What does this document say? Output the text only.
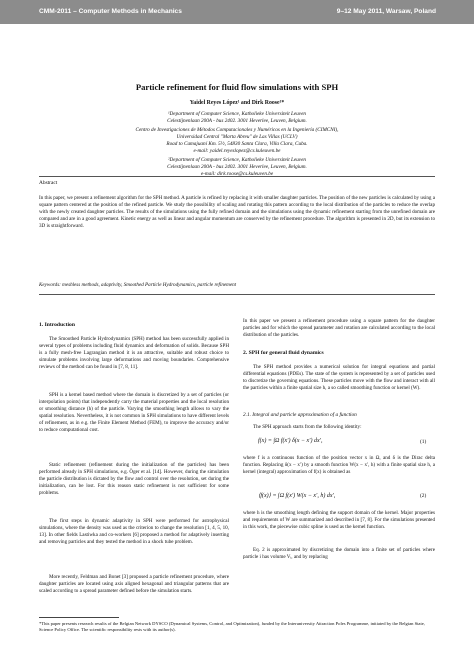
CMM-2011 – Computer Methods in Mechanics	9–12 May 2011, Warsaw, Poland
Particle refinement for fluid flow simulations with SPH
Yaidel Reyes López¹ and Dirk Roose¹*
¹Department of Computer Science, Katholieke Universiteit Leuven
Celestijnenlaan 200A - bus 2402. 3001 Heverlee, Leuven, Belgium.
Centro de Investigaciones de Métodos Computacionales y Numéricos en la Ingeniería (CIMCNI),
Universidad Central "Marta Abreu" de Las Villas (UCLV)
Road to Camajuaní Km. 5½, 54830 Santa Clara, Villa Clara, Cuba.
e-mail: yaidel.reyeslopez@cs.kuleuven.be
²Department of Computer Science, Katholieke Universiteit Leuven
Celestijnenlaan 200A - bus 2402. 3001 Heverlee, Leuven, Belgium.
e-mail: dirk.roose@cs.kuleuven.be
Abstract
In this paper, we present a refinement algorithm for the SPH method. A particle is refined by replacing it with smaller daughter particles. The position of the new particles is calculated by using a square pattern centered at the position of the refined particle. We study the possibility of scaling and rotating this pattern according to the local distribution of the particles to reduce the overlap with the newly created daughter particles. The results of the simulations using the fully refined domain and the simulations using the dynamic refinement starting from the unrefined domain are compared and are in a good agreement. Kinetic energy as well as linear and angular momentum are conserved by the refinement procedure. The algorithm is presented in 2D, but its extension to 3D is straightforward.
Keywords: meshless methods, adaptivity, Smoothed Particle Hydrodynamics, particle refinement
1. Introduction
The Smoothed Particle Hydrodynamics (SPH) method has been successfully applied in several types of problems including fluid dynamics and deformation of solids. Because SPH is a fully mesh-free Lagrangian method it is an attractive, suitable and robust choice to simulate problems involving large deformations and moving boundaries. Comprehensive reviews of the method can be found in [7, 8, 11].
SPH is a kernel based method where the domain is discretized by a set of particles (or interpolation points) that independently carry the material properties and the local resolution or smoothing distance (h) of the particle. Varying the smoothing length allows to vary the spatial resolution. Nevertheless, it is not common in SPH simulations to have different levels of refinement, as in e.g. the Finite Element Method (FEM), to improve the accuracy and/or to reduce computational cost.
Static refinement (refinement during the initialization of the particles) has been performed already in SPH simulations, e.g. Öger et al. [14]. However, during the simulation the particle distribution is dictated by the flow and control over the resolution, set during the initialization, can be lost. For this reason static refinement is not sufficient for some problems.
The first steps in dynamic adaptivity in SPH were performed for astrophysical simulations, where the density was used as the criterion to change the resolution [1, 4, 5, 10, 13]. In other fields Lastiwka and co-workers [6] proposed a method for adaptively inserting and removing particles and they tested the method in a shock tube problem.
More recently, Feldman and Bonet [3] proposed a particle refinement procedure, where daughter particles are located using axis aligned hexagonal and triangular patterns that are scaled according to a spread parameter defined before the simulation starts.
In this paper we present a refinement procedure using a square pattern for the daughter particles and for which the spread parameter and rotation are calculated according to the local distribution of the particles.
2. SPH for general fluid dynamics
The SPH method provides a numerical solution for integral equations and partial differential equations (PDEs). The state of the system is represented by a set of particles used to discretize the governing equations. These particles move with the flow and interact with all the particles within a finite spatial size h, a so called smoothing function or kernel (W).
2.1. Integral and particle approximation of a function
The SPH approach starts from the following identity:
f(x) = ∫Ω f(x′) δ(x − x′) dx′,	(1)
where f is a continuous function of the position vector x in Ω, and δ is the Dirac delta function. Replacing δ(x − x′) by a smooth function W(x − x′, h) with a finite spatial size h, a kernel (integral) approximation of f(x) is obtained as
⟨f(x)⟩ = ∫Ω f(x′) W(x − x′, h) dx′,	(2)
where h is the smoothing length defining the support domain of the kernel. Major properties and requirements of W are summarized and described in [7, 8]. For the simulations presented in this work, the piecewise cubic spline is used as the kernel function.
Eq. 2 is approximated by discretizing the domain into a finite set of particles where particle i has volume Vᵢ, and by replacing
*This paper presents research results of the Belgian Network DYSCO (Dynamical Systems, Control, and Optimization), funded by the Interuniversity Attraction Poles Programme, initiated by the Belgian State, Science Policy Office. The scientific responsibility rests with its author(s).
